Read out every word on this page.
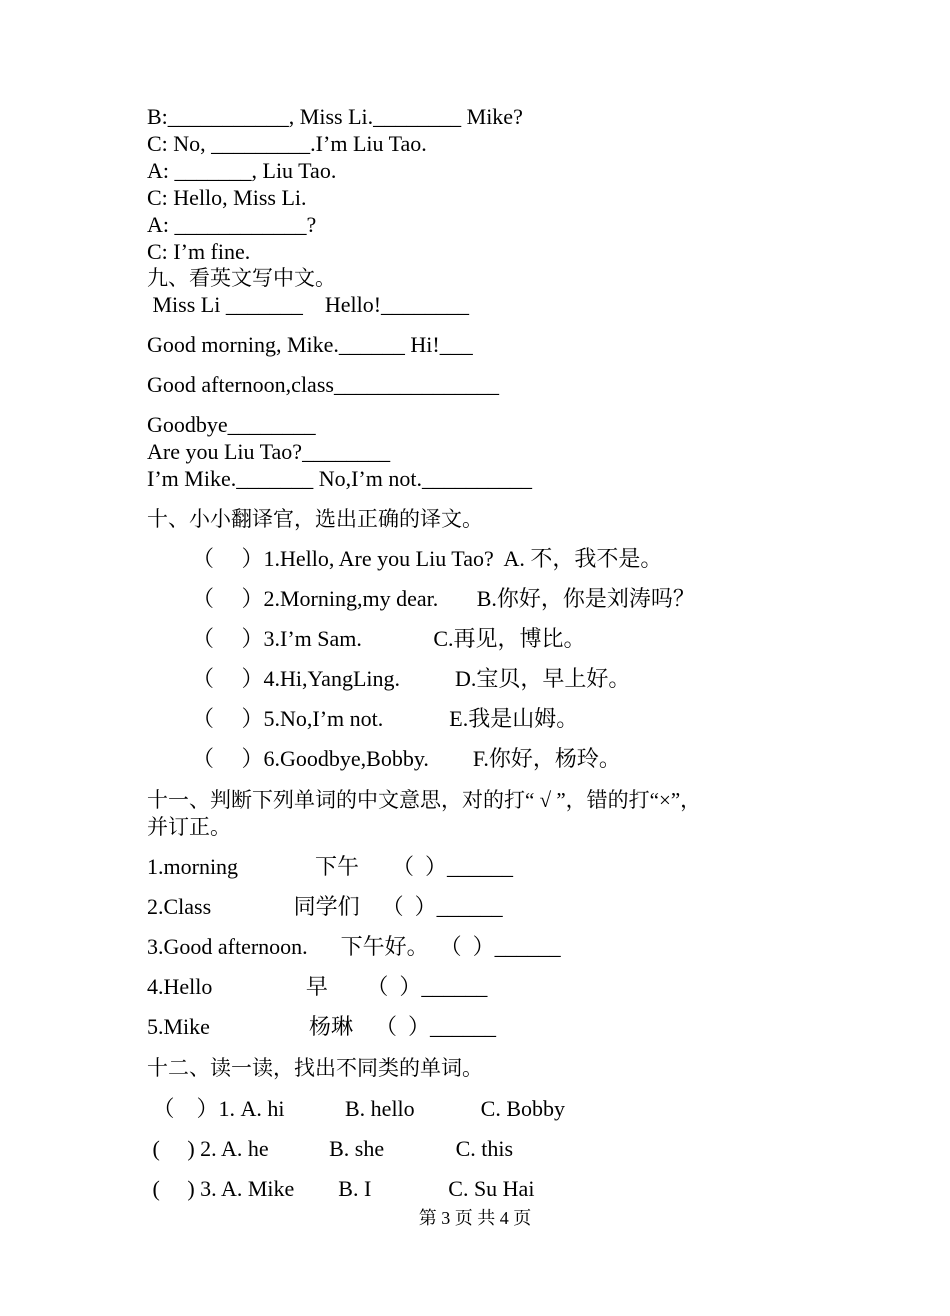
B:___________, Miss Li.________ Mike?
C: No, _________.I’m Liu Tao.
A: _______, Liu Tao.
C: Hello, Miss Li.
A: ____________?
C: I’m fine.
九、看英文写中文。
Miss Li _______    Hello!________
Good morning, Mike.______ Hi!___
Good afternoon,class_______________
Goodbye________
Are you Liu Tao?________
I’m Mike._______ No,I’m not.__________
十、小小翻译官，选出正确的译文。
（     ）1.Hello, Are you Liu Tao?  A. 不，我不是。
（     ）2.Morning,my dear.       B.你好，你是刘涛吗？
（     ）3.I’m Sam.             C.再见，博比。
（     ）4.Hi,YangLing.          D.宝贝，早上好。
（     ）5.No,I’m not.            E.我是山姆。
（     ）6.Goodbye,Bobby.        F.你好，杨玲。
十一、判断下列单词的中文意思，对的打“ √ ”，错的打“×”，
并订正。
1.morning              下午      （  ）______
2.Class               同学们    （  ）______
3.Good afternoon.      下午好。  （  ）______
4.Hello                 早       （  ）______
5.Mike                  杨琳    （  ）______
十二、读一读，找出不同类的单词。
（    ）1. A. hi           B. hello            C. Bobby
(     ) 2. A. he           B. she             C. this
(     ) 3. A. Mike        B. I              C. Su Hai
第 3 页 共 4 页
